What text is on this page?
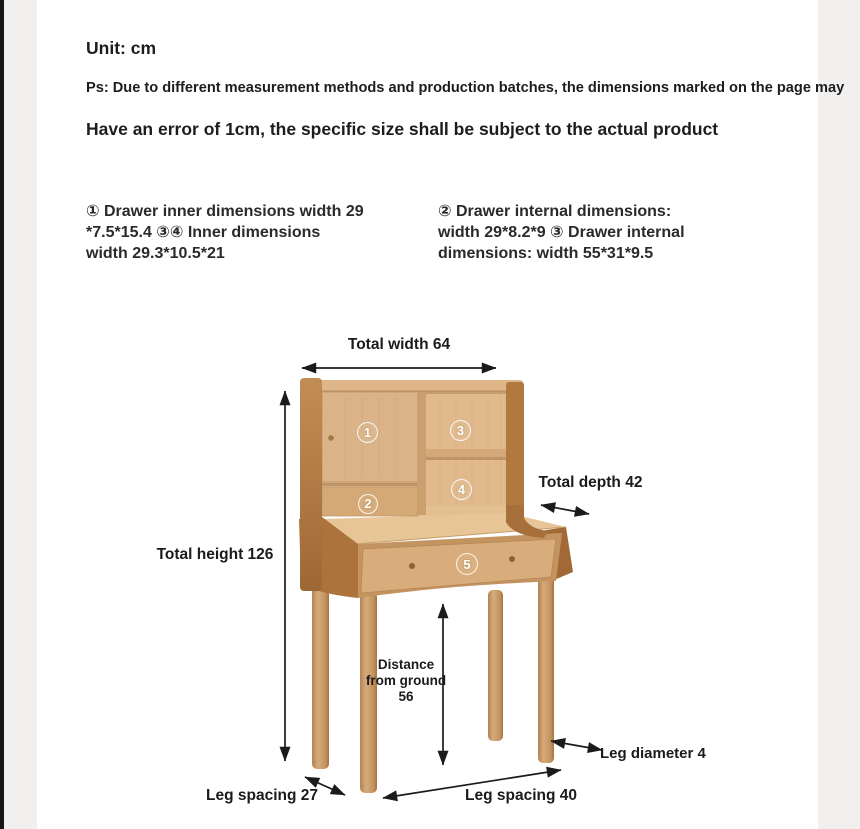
Unit: cm
Ps: Due to different measurement methods and production batches, the dimensions marked on the page may
Have an error of 1cm, the specific size shall be subject to the actual product
① Drawer inner dimensions width 29
*7.5*15.4 ③④ Inner dimensions
width 29.3*10.5*21
② Drawer internal dimensions:
width 29*8.2*9 ③ Drawer internal
dimensions: width 55*31*9.5
Total width 64
Total height 126
Total depth 42
Distance from ground 56
Leg diameter 4
Leg spacing 27	Leg spacing 40
1
2
3
4
5
